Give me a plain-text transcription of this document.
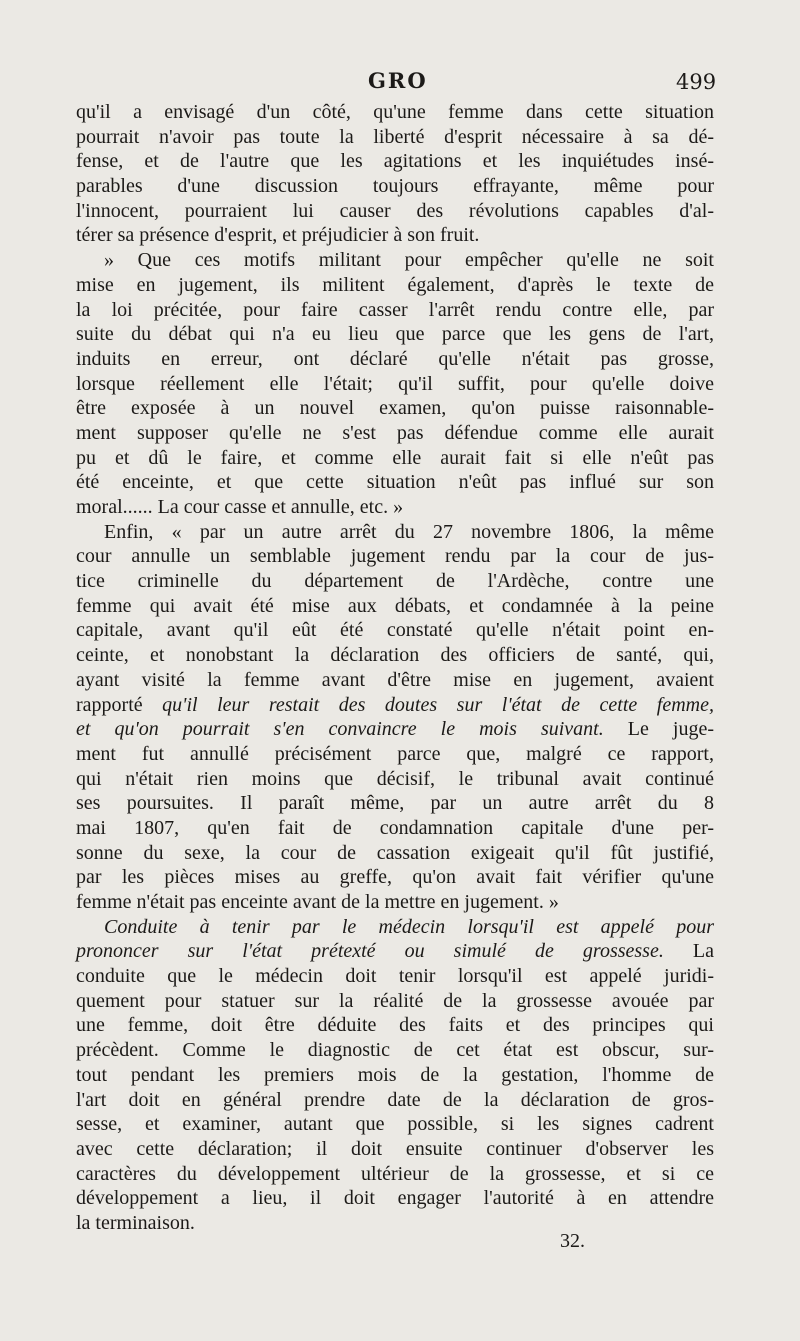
GRO	499
qu'il a envisagé d'un côté, qu'une femme dans cette situation
pourrait n'avoir pas toute la liberté d'esprit nécessaire à sa dé-
fense, et de l'autre que les agitations et les inquiétudes insé-
parables d'une discussion toujours effrayante, même pour
l'innocent, pourraient lui causer des révolutions capables d'al-
térer sa présence d'esprit, et préjudicier à son fruit.
» Que ces motifs militant pour empêcher qu'elle ne soit
mise en jugement, ils militent également, d'après le texte de
la loi précitée, pour faire casser l'arrêt rendu contre elle, par
suite du débat qui n'a eu lieu que parce que les gens de l'art,
induits en erreur, ont déclaré qu'elle n'était pas grosse,
lorsque réellement elle l'était; qu'il suffit, pour qu'elle doive
être exposée à un nouvel examen, qu'on puisse raisonnable-
ment supposer qu'elle ne s'est pas défendue comme elle aurait
pu et dû le faire, et comme elle aurait fait si elle n'eût pas
été enceinte, et que cette situation n'eût pas influé sur son
moral...... La cour casse et annulle, etc. »
Enfin, « par un autre arrêt du 27 novembre 1806, la même
cour annulle un semblable jugement rendu par la cour de jus-
tice criminelle du département de l'Ardèche, contre une
femme qui avait été mise aux débats, et condamnée à la peine
capitale, avant qu'il eût été constaté qu'elle n'était point en-
ceinte, et nonobstant la déclaration des officiers de santé, qui,
ayant visité la femme avant d'être mise en jugement, avaient
rapporté qu'il leur restait des doutes sur l'état de cette femme,
et qu'on pourrait s'en convaincre le mois suivant. Le juge-
ment fut annullé précisément parce que, malgré ce rapport,
qui n'était rien moins que décisif, le tribunal avait continué
ses poursuites. Il paraît même, par un autre arrêt du 8
mai 1807, qu'en fait de condamnation capitale d'une per-
sonne du sexe, la cour de cassation exigeait qu'il fût justifié,
par les pièces mises au greffe, qu'on avait fait vérifier qu'une
femme n'était pas enceinte avant de la mettre en jugement. »
Conduite à tenir par le médecin lorsqu'il est appelé pour
prononcer sur l'état prétexté ou simulé de grossesse. La
conduite que le médecin doit tenir lorsqu'il est appelé juridi-
quement pour statuer sur la réalité de la grossesse avouée par
une femme, doit être déduite des faits et des principes qui
précèdent. Comme le diagnostic de cet état est obscur, sur-
tout pendant les premiers mois de la gestation, l'homme de
l'art doit en général prendre date de la déclaration de gros-
sesse, et examiner, autant que possible, si les signes cadrent
avec cette déclaration; il doit ensuite continuer d'observer les
caractères du développement ultérieur de la grossesse, et si ce
développement a lieu, il doit engager l'autorité à en attendre
la terminaison.
32.
